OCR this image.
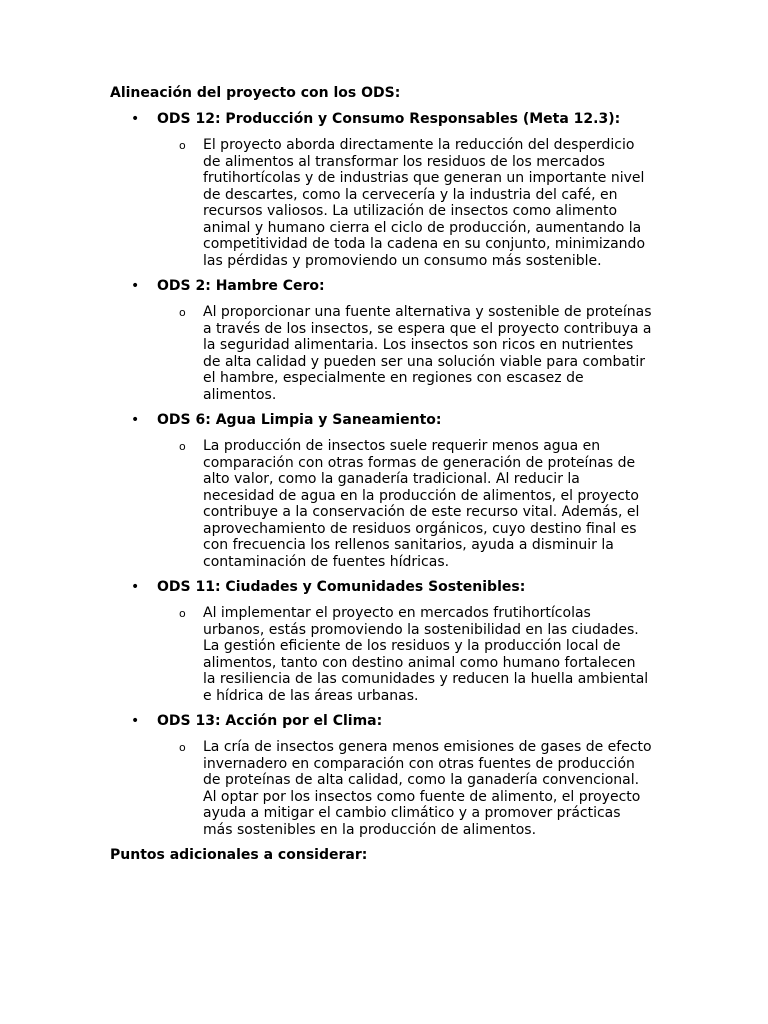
Alineación del proyecto con los ODS:

• ODS 12: Producción y Consumo Responsables (Meta 12.3):
o El proyecto aborda directamente la reducción del desperdicio
de alimentos al transformar los residuos de los mercados
frutihortícolas y de industrias que generan un importante nivel
de descartes, como la cervecería y la industria del café, en
recursos valiosos. La utilización de insectos como alimento
animal y humano cierra el ciclo de producción, aumentando la
competitividad de toda la cadena en su conjunto, minimizando
las pérdidas y promoviendo un consumo más sostenible.
• ODS 2: Hambre Cero:
o Al proporcionar una fuente alternativa y sostenible de proteínas
a través de los insectos, se espera que el proyecto contribuya a
la seguridad alimentaria. Los insectos son ricos en nutrientes
de alta calidad y pueden ser una solución viable para combatir
el hambre, especialmente en regiones con escasez de
alimentos.
• ODS 6: Agua Limpia y Saneamiento:
o La producción de insectos suele requerir menos agua en
comparación con otras formas de generación de proteínas de
alto valor, como la ganadería tradicional. Al reducir la
necesidad de agua en la producción de alimentos, el proyecto
contribuye a la conservación de este recurso vital. Además, el
aprovechamiento de residuos orgánicos, cuyo destino final es
con frecuencia los rellenos sanitarios, ayuda a disminuir la
contaminación de fuentes hídricas.
• ODS 11: Ciudades y Comunidades Sostenibles:
o Al implementar el proyecto en mercados frutihortícolas
urbanos, estás promoviendo la sostenibilidad en las ciudades.
La gestión eficiente de los residuos y la producción local de
alimentos, tanto con destino animal como humano fortalecen
la resiliencia de las comunidades y reducen la huella ambiental
e hídrica de las áreas urbanas.
• ODS 13: Acción por el Clima:
o La cría de insectos genera menos emisiones de gases de efecto
invernadero en comparación con otras fuentes de producción
de proteínas de alta calidad, como la ganadería convencional.
Al optar por los insectos como fuente de alimento, el proyecto
ayuda a mitigar el cambio climático y a promover prácticas
más sostenibles en la producción de alimentos.

Puntos adicionales a considerar:
